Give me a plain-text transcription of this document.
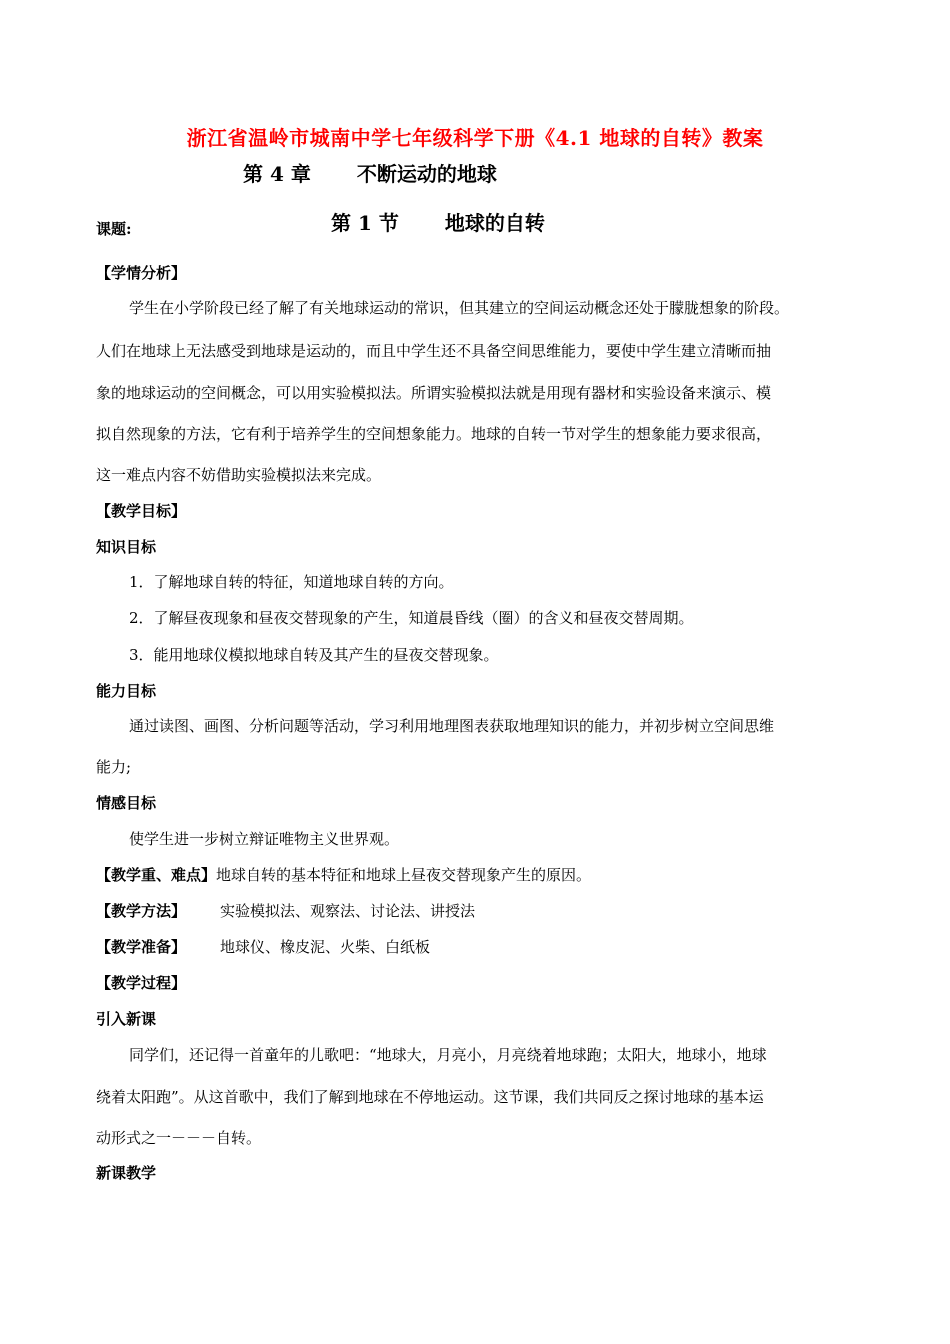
浙江省温岭市城南中学七年级科学下册《4.1 地球的自转》教案
第 4 章 不断运动的地球
课题:	第 1 节 地球的自转
【学情分析】
学生在小学阶段已经了解了有关地球运动的常识，但其建立的空间运动概念还处于朦胧想象的阶段。
人们在地球上无法感受到地球是运动的，而且中学生还不具备空间思维能力，要使中学生建立清晰而抽
象的地球运动的空间概念，可以用实验模拟法。所谓实验模拟法就是用现有器材和实验设备来演示、模
拟自然现象的方法，它有利于培养学生的空间想象能力。地球的自转一节对学生的想象能力要求很高，
这一难点内容不妨借助实验模拟法来完成。
【教学目标】
知识目标
1．了解地球自转的特征，知道地球自转的方向。
2．了解昼夜现象和昼夜交替现象的产生，知道晨昏线（圈）的含义和昼夜交替周期。
3．能用地球仪模拟地球自转及其产生的昼夜交替现象。
能力目标
通过读图、画图、分析问题等活动，学习利用地理图表获取地理知识的能力，并初步树立空间思维
能力;
情感目标
使学生进一步树立辩证唯物主义世界观。
【教学重、难点】地球自转的基本特征和地球上昼夜交替现象产生的原因。
【教学方法】 实验模拟法、观察法、讨论法、讲授法
【教学准备】 地球仪、橡皮泥、火柴、白纸板
【教学过程】
引入新课
同学们，还记得一首童年的儿歌吧：“地球大，月亮小，月亮绕着地球跑；太阳大，地球小，地球
绕着太阳跑”。从这首歌中，我们了解到地球在不停地运动。这节课，我们共同反之探讨地球的基本运
动形式之一－－－自转。
新课教学
